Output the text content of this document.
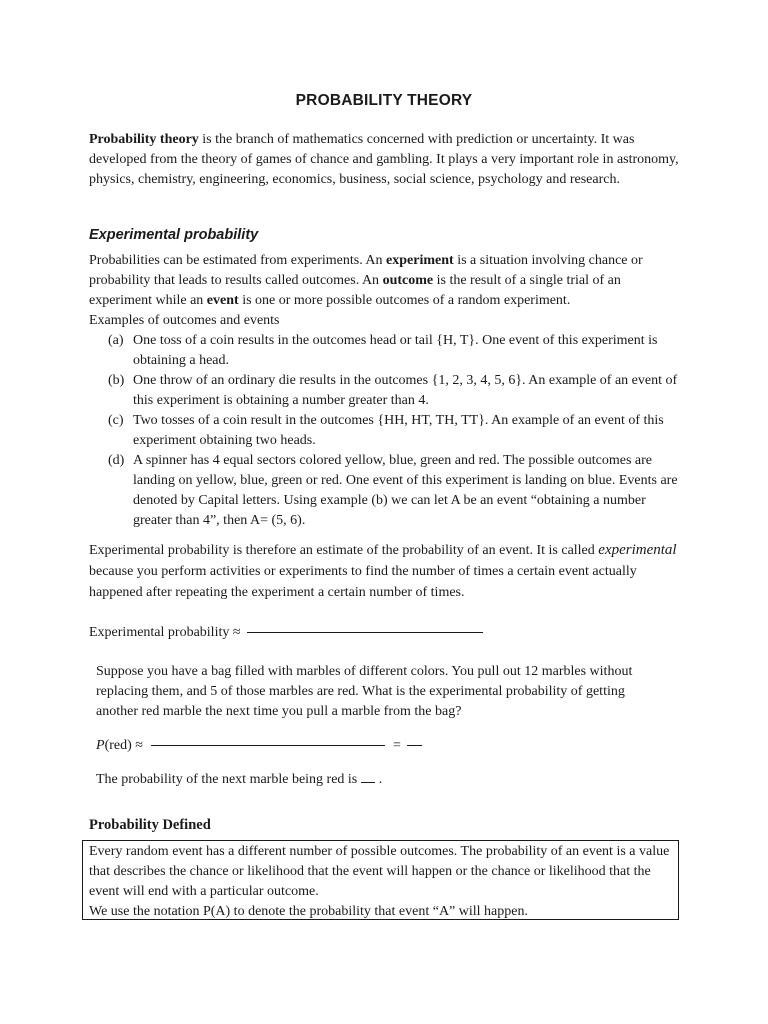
PROBABILITY THEORY
Probability theory is the branch of mathematics concerned with prediction or uncertainty. It was developed from the theory of games of chance and gambling. It plays a very important role in astronomy, physics, chemistry, engineering, economics, business, social science, psychology and research.
Experimental probability
Probabilities can be estimated from experiments. An experiment is a situation involving chance or probability that leads to results called outcomes. An outcome is the result of a single trial of an experiment while an event is one or more possible outcomes of a random experiment.
Examples of outcomes and events
(a) One toss of a coin results in the outcomes head or tail {H, T}. One event of this experiment is obtaining a head.
(b) One throw of an ordinary die results in the outcomes {1, 2, 3, 4, 5, 6}. An example of an event of this experiment is obtaining a number greater than 4.
(c) Two tosses of a coin result in the outcomes {HH, HT, TH, TT}. An example of an event of this experiment obtaining two heads.
(d) A spinner has 4 equal sectors colored yellow, blue, green and red. The possible outcomes are landing on yellow, blue, green or red. One event of this experiment is landing on blue. Events are denoted by Capital letters. Using example (b) we can let A be an event “obtaining a number greater than 4”, then A= (5, 6).
Experimental probability is therefore an estimate of the probability of an event. It is called experimental because you perform activities or experiments to find the number of times a certain event actually happened after repeating the experiment a certain number of times.
Experimental probability ≈
Suppose you have a bag filled with marbles of different colors. You pull out 12 marbles without replacing them, and 5 of those marbles are red. What is the experimental probability of getting another red marble the next time you pull a marble from the bag?
P(red) ≈	=
The probability of the next marble being red is .
Probability Defined
Every random event has a different number of possible outcomes. The probability of an event is a value that describes the chance or likelihood that the event will happen or the chance or likelihood that the event will end with a particular outcome.
We use the notation P(A) to denote the probability that event “A” will happen.
